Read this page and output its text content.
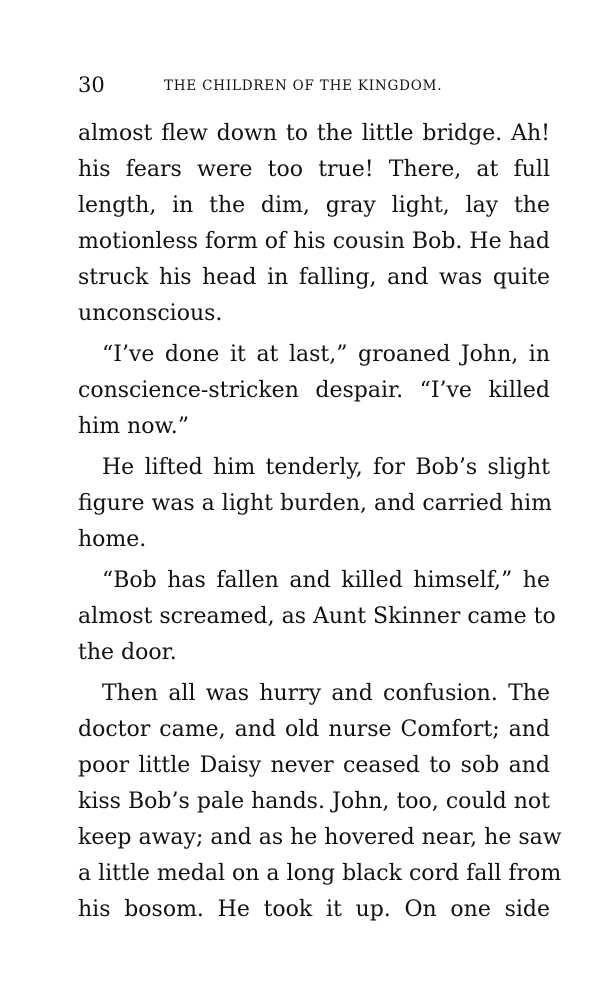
30	THE CHILDREN OF THE KINGDOM.
almost flew down to the little bridge. Ah!
his fears were too true! There, at full
length, in the dim, gray light, lay the
motionless form of his cousin Bob. He had
struck his head in falling, and was quite
unconscious.
“I’ve done it at last,” groaned John, in
conscience-stricken despair. “I’ve killed
him now.”
He lifted him tenderly, for Bob’s slight
figure was a light burden, and carried him
home.
“Bob has fallen and killed himself,” he
almost screamed, as Aunt Skinner came to
the door.
Then all was hurry and confusion. The
doctor came, and old nurse Comfort; and
poor little Daisy never ceased to sob and
kiss Bob’s pale hands. John, too, could not
keep away; and as he hovered near, he saw
a little medal on a long black cord fall from
his bosom. He took it up. On one side
